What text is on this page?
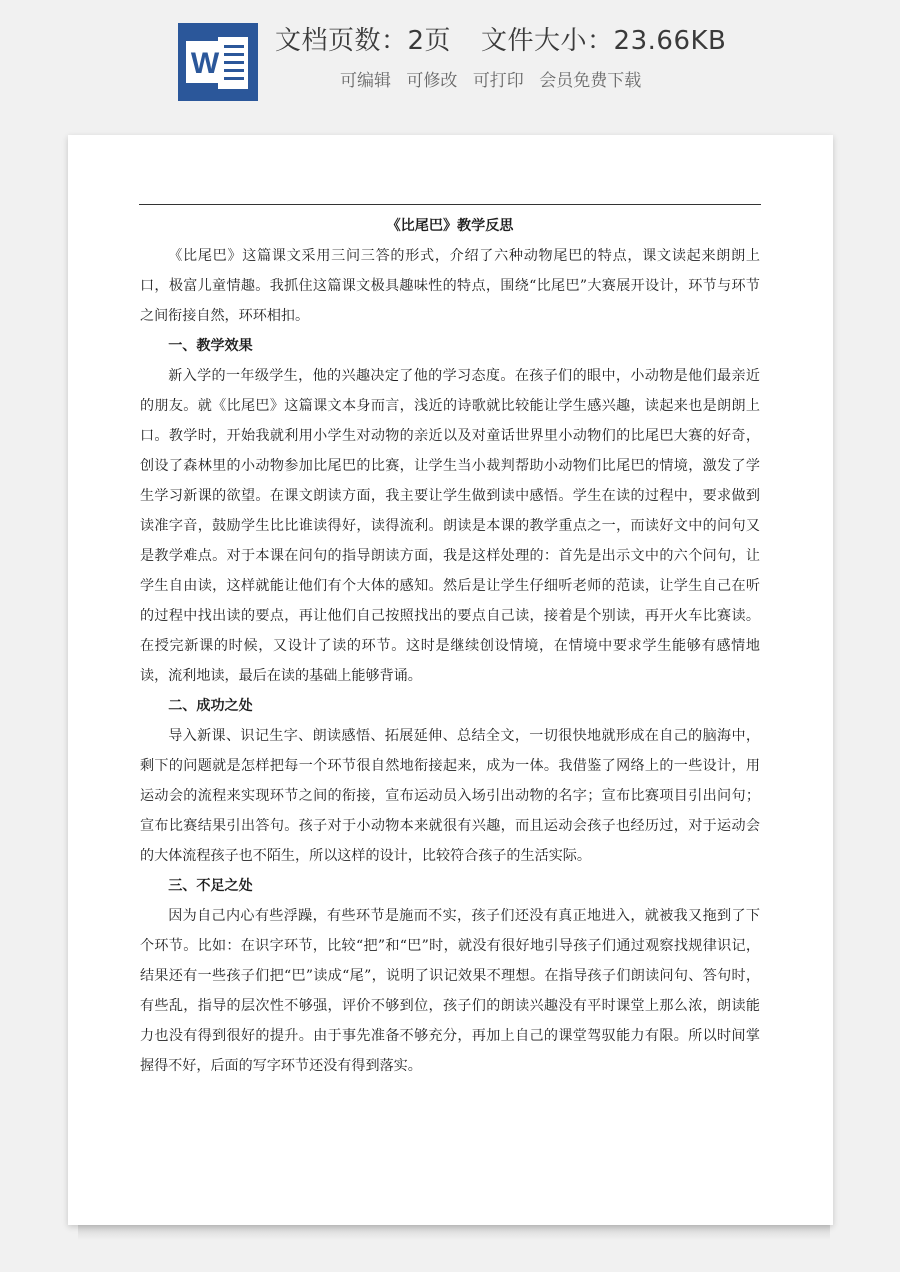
W
文档页数：2页 文件大小：23.66KB
可编辑 可修改 可打印 会员免费下载

《比尾巴》教学反思

《比尾巴》这篇课文采用三问三答的形式，介绍了六种动物尾巴的特点，课文读起来朗朗上口，极富儿童情趣。我抓住这篇课文极具趣味性的特点，围绕“比尾巴”大赛展开设计，环节与环节之间衔接自然，环环相扣。

一、教学效果

新入学的一年级学生，他的兴趣决定了他的学习态度。在孩子们的眼中，小动物是他们最亲近的朋友。就《比尾巴》这篇课文本身而言，浅近的诗歌就比较能让学生感兴趣，读起来也是朗朗上口。教学时，开始我就利用小学生对动物的亲近以及对童话世界里小动物们的比尾巴大赛的好奇，创设了森林里的小动物参加比尾巴的比赛，让学生当小裁判帮助小动物们比尾巴的情境，激发了学生学习新课的欲望。在课文朗读方面，我主要让学生做到读中感悟。学生在读的过程中，要求做到读准字音，鼓励学生比比谁读得好，读得流利。朗读是本课的教学重点之一，而读好文中的问句又是教学难点。对于本课在问句的指导朗读方面，我是这样处理的：首先是出示文中的六个问句，让学生自由读，这样就能让他们有个大体的感知。然后是让学生仔细听老师的范读，让学生自己在听的过程中找出读的要点，再让他们自己按照找出的要点自己读，接着是个别读，再开火车比赛读。在授完新课的时候，又设计了读的环节。这时是继续创设情境，在情境中要求学生能够有感情地读，流利地读，最后在读的基础上能够背诵。

二、成功之处

导入新课、识记生字、朗读感悟、拓展延伸、总结全文，一切很快地就形成在自己的脑海中，剩下的问题就是怎样把每一个环节很自然地衔接起来，成为一体。我借鉴了网络上的一些设计，用运动会的流程来实现环节之间的衔接，宣布运动员入场引出动物的名字；宣布比赛项目引出问句；宣布比赛结果引出答句。孩子对于小动物本来就很有兴趣，而且运动会孩子也经历过，对于运动会的大体流程孩子也不陌生，所以这样的设计，比较符合孩子的生活实际。

三、不足之处

因为自己内心有些浮躁，有些环节是施而不实，孩子们还没有真正地进入，就被我又拖到了下个环节。比如：在识字环节，比较“把”和“巴”时，就没有很好地引导孩子们通过观察找规律识记，结果还有一些孩子们把“巴”读成“尾”，说明了识记效果不理想。在指导孩子们朗读问句、答句时，有些乱，指导的层次性不够强，评价不够到位，孩子们的朗读兴趣没有平时课堂上那么浓，朗读能力也没有得到很好的提升。由于事先准备不够充分，再加上自己的课堂驾驭能力有限。所以时间掌握得不好，后面的写字环节还没有得到落实。
